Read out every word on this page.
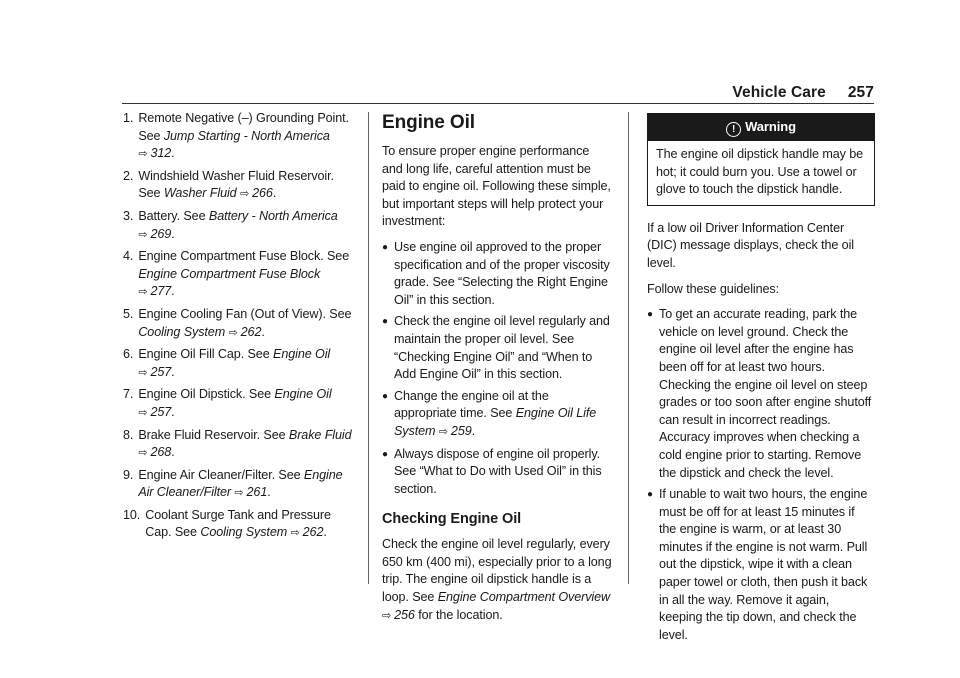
Vehicle Care 257
1. Remote Negative (–) Grounding Point. See Jump Starting - North America ⇨ 312.
2. Windshield Washer Fluid Reservoir. See Washer Fluid ⇨ 266.
3. Battery. See Battery - North America ⇨ 269.
4. Engine Compartment Fuse Block. See Engine Compartment Fuse Block ⇨ 277.
5. Engine Cooling Fan (Out of View). See Cooling System ⇨ 262.
6. Engine Oil Fill Cap. See Engine Oil ⇨ 257.
7. Engine Oil Dipstick. See Engine Oil ⇨ 257.
8. Brake Fluid Reservoir. See Brake Fluid ⇨ 268.
9. Engine Air Cleaner/Filter. See Engine Air Cleaner/Filter ⇨ 261.
10. Coolant Surge Tank and Pressure Cap. See Cooling System ⇨ 262.
Engine Oil

To ensure proper engine performance and long life, careful attention must be paid to engine oil. Following these simple, but important steps will help protect your investment:

● Use engine oil approved to the proper specification and of the proper viscosity grade. See “Selecting the Right Engine Oil” in this section.
● Check the engine oil level regularly and maintain the proper oil level. See “Checking Engine Oil” and “When to Add Engine Oil” in this section.
● Change the engine oil at the appropriate time. See Engine Oil Life System ⇨ 259.
● Always dispose of engine oil properly. See “What to Do with Used Oil” in this section.
Checking Engine Oil

Check the engine oil level regularly, every 650 km (400 mi), especially prior to a long trip. The engine oil dipstick handle is a loop. See Engine Compartment Overview ⇨ 256 for the location.

! Warning
The engine oil dipstick handle may be hot; it could burn you. Use a towel or glove to touch the dipstick handle.

If a low oil Driver Information Center (DIC) message displays, check the oil level.

Follow these guidelines:

● To get an accurate reading, park the vehicle on level ground. Check the engine oil level after the engine has been off for at least two hours. Checking the engine oil level on steep grades or too soon after engine shutoff can result in incorrect readings. Accuracy improves when checking a cold engine prior to starting. Remove the dipstick and check the level.
● If unable to wait two hours, the engine must be off for at least 15 minutes if the engine is warm, or at least 30 minutes if the engine is not warm. Pull out the dipstick, wipe it with a clean paper towel or cloth, then push it back in all the way. Remove it again, keeping the tip down, and check the level.
